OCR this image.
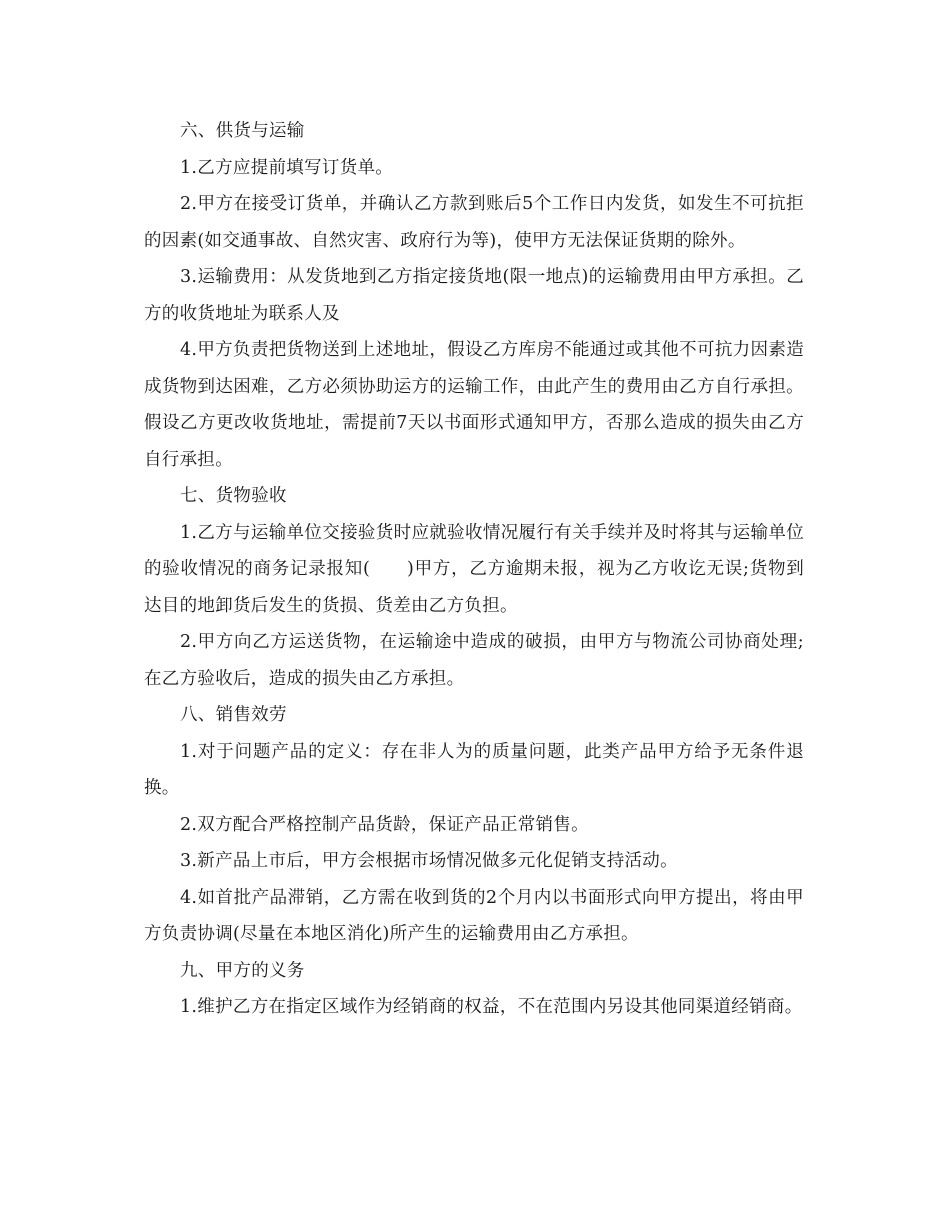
六、供货与运输

1.乙方应提前填写订货单。

2.甲方在接受订货单，并确认乙方款到账后5个工作日内发货，如发生不可抗拒的因素(如交通事故、自然灾害、政府行为等)，使甲方无法保证货期的除外。

3.运输费用：从发货地到乙方指定接货地(限一地点)的运输费用由甲方承担。乙方的收货地址为联系人及

4.甲方负责把货物送到上述地址，假设乙方库房不能通过或其他不可抗力因素造成货物到达困难，乙方必须协助运方的运输工作，由此产生的费用由乙方自行承担。假设乙方更改收货地址，需提前7天以书面形式通知甲方，否那么造成的损失由乙方自行承担。

七、货物验收

1.乙方与运输单位交接验货时应就验收情况履行有关手续并及时将其与运输单位的验收情况的商务记录报知(　　)甲方，乙方逾期未报，视为乙方收讫无误;货物到达目的地卸货后发生的货损、货差由乙方负担。

2.甲方向乙方运送货物，在运输途中造成的破损，由甲方与物流公司协商处理;在乙方验收后，造成的损失由乙方承担。

八、销售效劳

1.对于问题产品的定义：存在非人为的质量问题，此类产品甲方给予无条件退换。

2.双方配合严格控制产品货龄，保证产品正常销售。

3.新产品上市后，甲方会根据市场情况做多元化促销支持活动。

4.如首批产品滞销，乙方需在收到货的2个月内以书面形式向甲方提出，将由甲方负责协调(尽量在本地区消化)所产生的运输费用由乙方承担。

九、甲方的义务

1.维护乙方在指定区域作为经销商的权益，不在范围内另设其他同渠道经销商。
